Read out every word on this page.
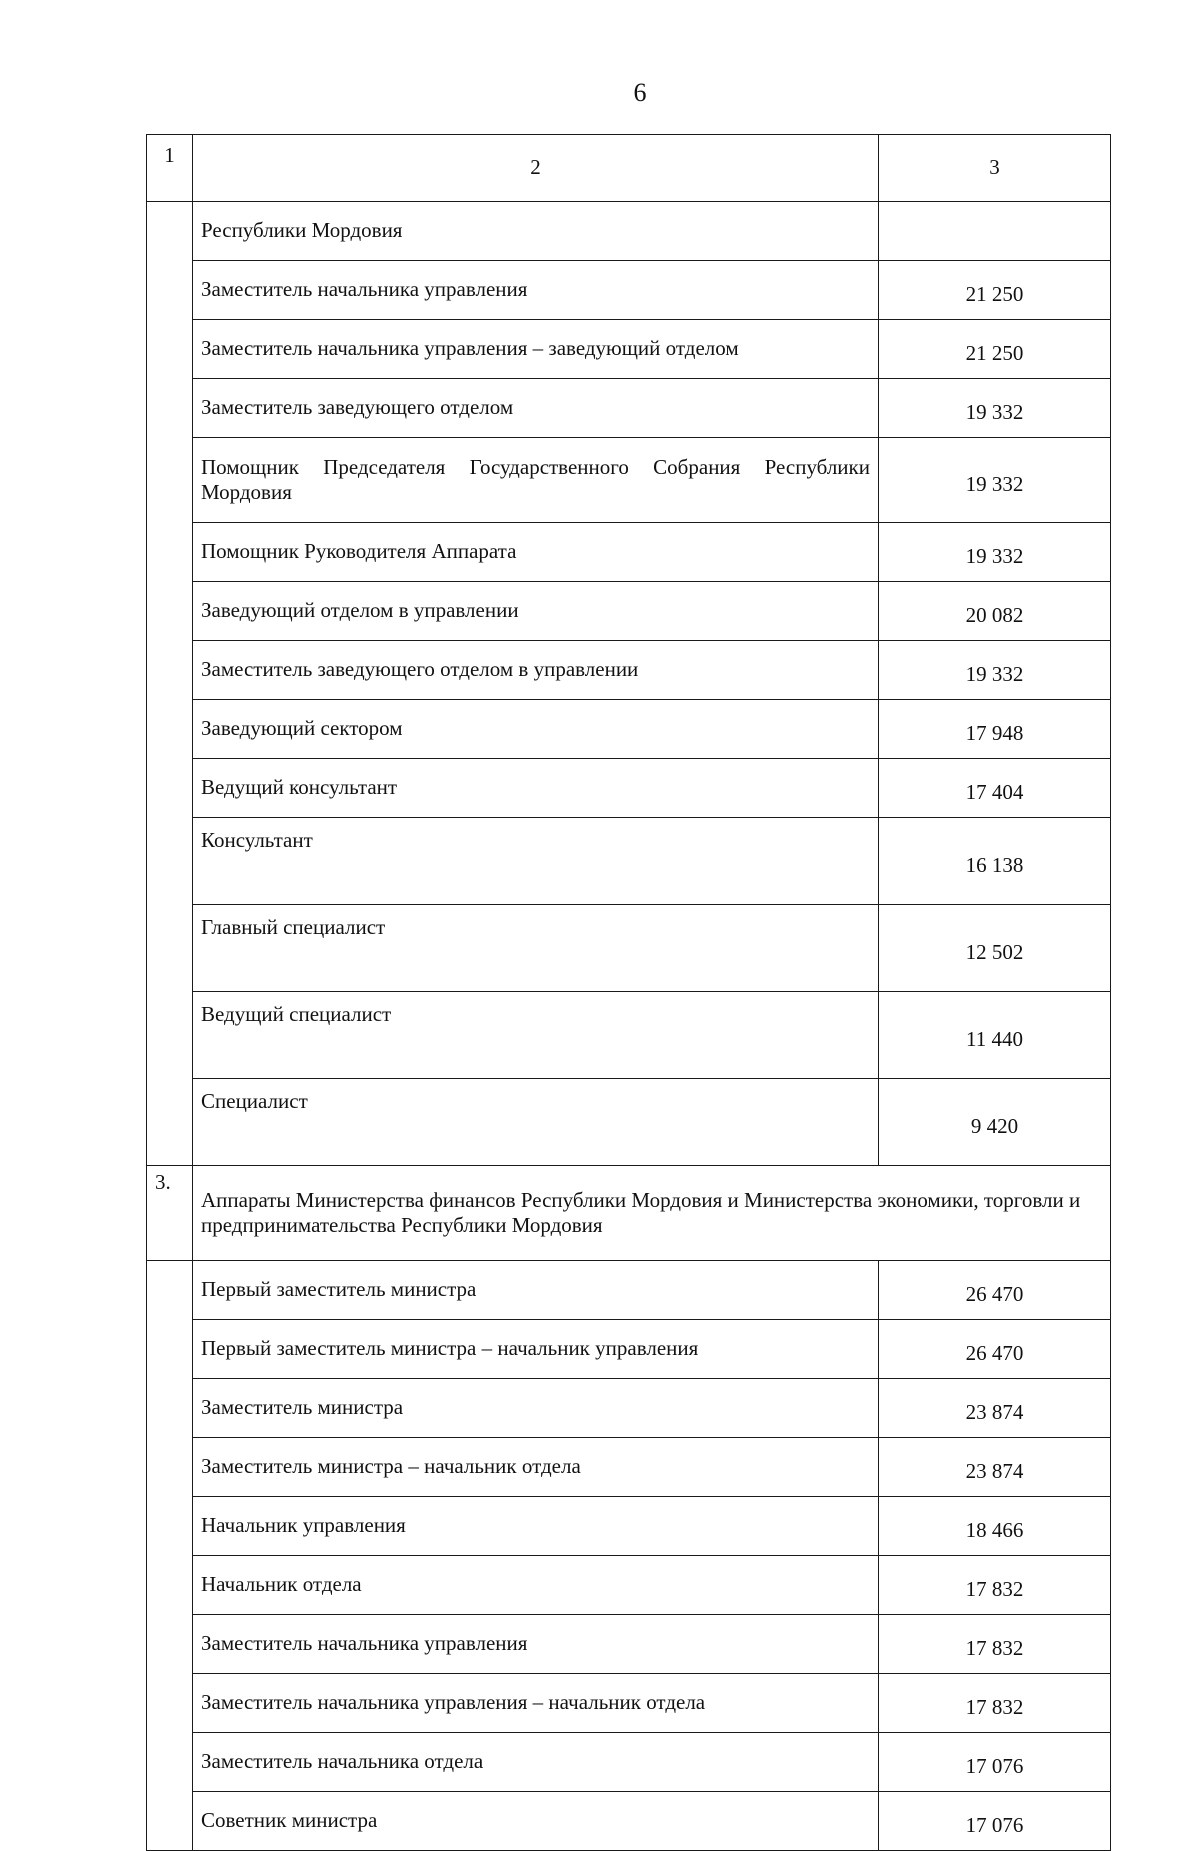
6
1	2	3
	Республики Мордовия	
	Заместитель начальника управления	21 250
	Заместитель начальника управления – заведующий отделом	21 250
	Заместитель заведующего отделом	19 332
	Помощник Председателя Государственного Собрания Республики Мордовия	19 332
	Помощник Руководителя Аппарата	19 332
	Заведующий отделом в управлении	20 082
	Заместитель заведующего отделом в управлении	19 332
	Заведующий сектором	17 948
	Ведущий консультант	17 404
	Консультант	16 138
	Главный специалист	12 502
	Ведущий специалист	11 440
	Специалист	9 420
3.	Аппараты Министерства финансов Республики Мордовия и Министерства экономики, торговли и предпринимательства Республики Мордовия	
	Первый заместитель министра	26 470
	Первый заместитель министра – начальник управления	26 470
	Заместитель министра	23 874
	Заместитель министра – начальник отдела	23 874
	Начальник управления	18 466
	Начальник отдела	17 832
	Заместитель начальника управления	17 832
	Заместитель начальника управления – начальник отдела	17 832
	Заместитель начальника отдела	17 076
	Советник министра	17 076
